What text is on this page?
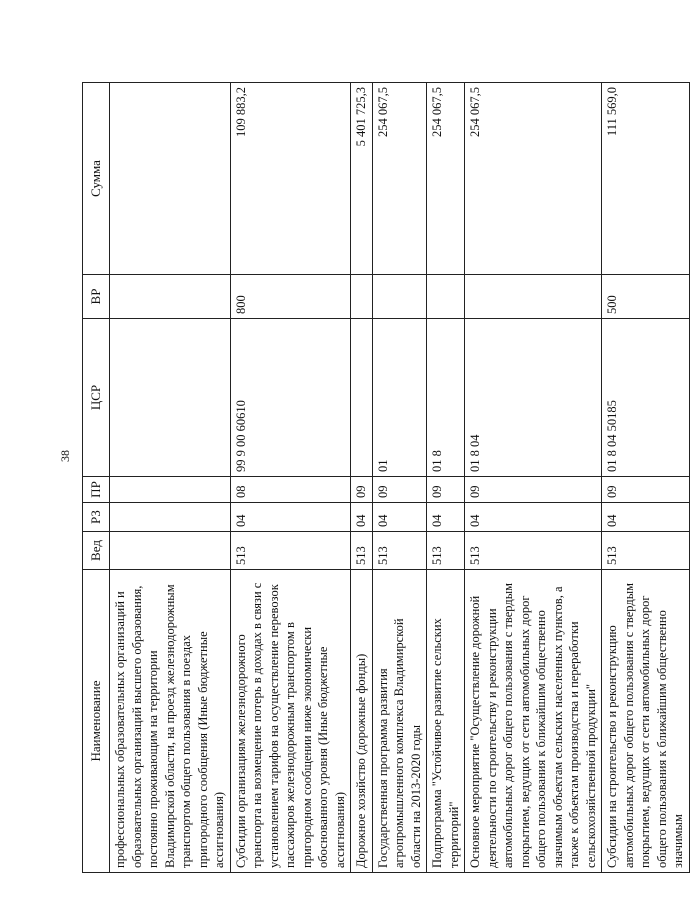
38
Наименование	Вед	РЗ	ПР	ЦСР	ВР	Сумма
профессиональных образовательных организаций и образовательных организаций высшего образования, постоянно проживающим на территории Владимирской области, на проезд железнодорожным транспортом общего пользования в поездах пригородного сообщения (Иные бюджетные ассигнования)						
Субсидии организациям железнодорожного транспорта на возмещение потерь в доходах в связи с установлением тарифов на осуществление перевозок пассажиров железнодорожным транспортом в пригородном сообщении ниже экономически обоснованного уровня (Иные бюджетные ассигнования)	513	04	08	99 9 00 60610	800	109 883,2
Дорожное хозяйство (дорожные фонды)	513	04	09			5 401 725,3
Государственная программа развития агропромышленного комплекса Владимирской области на 2013-2020 годы	513	04	09	01		254 067,5
Подпрограмма "Устойчивое развитие сельских территорий"	513	04	09	01 8		254 067,5
Основное мероприятие "Осуществление дорожной деятельности по строительству и реконструкции автомобильных дорог общего пользования с твердым покрытием, ведущих от сети автомобильных дорог общего пользования к ближайшим общественно значимым объектам сельских населенных пунктов, а также к объектам производства и переработки сельскохозяйственной продукции"	513	04	09	01 8 04		254 067,5
Субсидии на строительство и реконструкцию автомобильных дорог общего пользования с твердым покрытием, ведущих от сети автомобильных дорог общего пользования к ближайшим общественно значимым	513	04	09	01 8 04 50185	500	111 569,0
